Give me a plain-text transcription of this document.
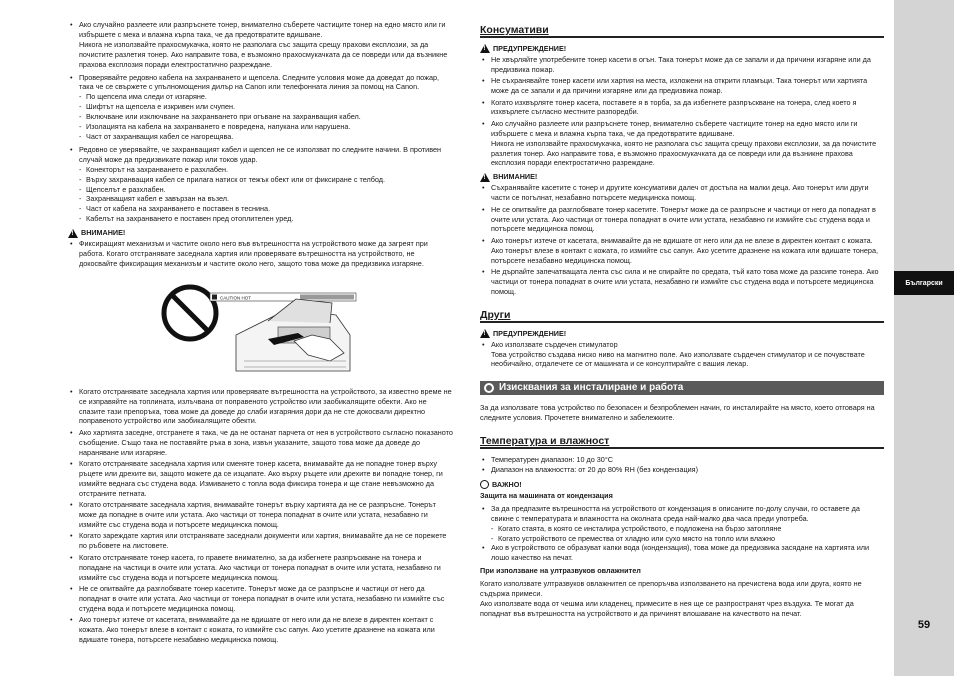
• Ако случайно разлеете или разпръснете тонер, внимателно съберете частиците тонер на едно място или ги избършете с мека и влажна кърпа така, че да предотвратите вдишване.

Никога не използвайте прахосмукачка, която не разполага със защита срещу прахови експлозии, за да почистите разлетия тонер. Ако направите това, е възможно прахосмукачката да се повреди или да възникне прахова експлозия поради електростатично разреждане.

• Проверявайте редовно кабела на захранването и щепсела. Следните условия може да доведат до пожар, така че се свържете с упълномощения дилър на Canon или телефонната линия за помощ на Canon.

- По щепсела има следи от изгаряне.

- Шифтът на щепсела е изкривен или счупен.

- Включване или изключване на захранването при огъване на захранващия кабел.

- Изолацията на кабела на захранването е повредена, напукана или нарушена.

- Част от захранващия кабел се нагорещява.

• Редовно се уверявайте, че захранващият кабел и щепсел не се използват по следните начини. В противен случай може да предизвикате пожар или токов удар.

- Конекторът на захранването е разхлабен.

- Върху захранващия кабел се прилага натиск от тежък обект или от фиксиране с телбод.

- Щепселът е разхлабен.

- Захранващият кабел е завързан на възел.

- Част от кабела на захранването е поставен в теснина.

- Кабелът на захранването е поставен пред отоплителен уред.

!
ВНИМАНИЕ!

• Фиксиращият механизъм и частите около него във вътрешността на устройството може да загреят при работа. Когато отстранявате заседнала хартия или проверявате вътрешността на устройството, не докосвайте фиксиращия механизъм и частите около него, защото това може да предизвика изгаряне.

CAUTION HOT

• Когато отстранявате заседнала хартия или проверявате вътрешността на устройството, за известно време не се изправяйте на топлината, излъчвана от поправеното устройство или заобикалящите обекти. Ако не спазите тази препоръка, това може да доведе до слаби изгаряния дори да не сте докосвали директно поправеното устройство или заобикалящите обекти.

• Ако хартията заседне, отстранете я така, че да не останат парчета от нея в устройството съгласно показаното съобщение. Също така не поставяйте ръка в зона, извън указаните, защото това може да доведе до нараняване или изгаряне.

• Когато отстранявате заседнала хартия или сменяте тонер касета, внимавайте да не попадне тонер върху ръцете или дрехите ви, защото можете да се изцапате. Ако върху ръцете или дрехите ви попадне тонер, ги измийте веднага със студена вода. Измиването с топла вода фиксира тонера и ще стане невъзможно да отстраните петната.

• Когато отстранявате заседнала хартия, внимавайте тонерът върху хартията да не се разпръсне. Тонерът може да попадне в очите или устата. Ако частици от тонера попаднат в очите или устата, незабавно ги измийте със студена вода и потърсете медицинска помощ.

• Когато зареждате хартия или отстранявате заседнали документи или хартия, внимавайте да не се порежете по ръбовете на листовете.

• Когато отстранявате тонер касета, го правете внимателно, за да избегнете разпръскване на тонера и попадане на частици в очите или устата. Ако частици от тонера попаднат в очите или устата, незабавно ги измийте със студена вода и потърсете медицинска помощ.

• Не се опитвайте да разглобявате тонер касетите. Тонерът може да се разпръсне и частици от него да попаднат в очите или устата. Ако частици от тонера попаднат в очите или устата, незабавно ги измийте със студена вода и потърсете медицинска помощ.

• Ако тонерът изтече от касетата, внимавайте да не вдишате от него или да не влезе в директен контакт с кожата. Ако тонерът влезе в контакт с кожата, го измийте със сапун. Ако усетите дразнене на кожата или вдишате тонера, потърсете незабавно медицинска помощ.

Консумативи
!
ПРЕДУПРЕЖДЕНИЕ!

• Не хвърляйте употребените тонер касети в огън. Така тонерът може да се запали и да причини изгаряне или да предизвика пожар.

• Не съхранявайте тонер касети или хартия на места, изложени на открити пламъци. Така тонерът или хартията може да се запали и да причини изгаряне или да предизвика пожар.

• Когато изхвърляте тонер касета, поставете я в торба, за да избегнете разпръскване на тонера, след което я изхвърлете съгласно местните разпоредби.

• Ако случайно разлеете или разпръснете тонер, внимателно съберете частиците тонер на едно място или ги избършете с мека и влажна кърпа така, че да предотвратите вдишване.

Никога не използвайте прахосмукачка, която не разполага със защита срещу прахови експлозии, за да почистите разлетия тонер. Ако направите това, е възможно прахосмукачката да се повреди или да възникне прахова експлозия поради електростатично разреждане.

!
ВНИМАНИЕ!

• Съхранявайте касетите с тонер и другите консумативи далеч от достъпа на малки деца. Ако тонерът или други части се погълнат, незабавно потърсете медицинска помощ.

• Не се опитвайте да разглобявате тонер касетите. Тонерът може да се разпръсне и частици от него да попаднат в очите или устата. Ако частици от тонера попаднат в очите или устата, незабавно ги измийте със студена вода и потърсете медицинска помощ.

• Ако тонерът изтече от касетата, внимавайте да не вдишате от него или да не влезе в директен контакт с кожата. Ако тонерът влезе в контакт с кожата, го измийте със сапун. Ако усетите дразнене на кожата или вдишате тонера, потърсете незабавно медицинска помощ.

• Не дърпайте запечатващата лента със сила и не спирайте по средата, тъй като това може да разсипе тонера. Ако частици от тонера попаднат в очите или устата, незабавно ги измийте със студена вода и потърсете медицинска помощ.

Други
!
ПРЕДУПРЕЖДЕНИЕ!

• Ако използвате сърдечен стимулатор

Това устройство създава ниско ниво на магнитно поле. Ако използвате сърдечен стимулатор и се почувствате необичайно, отдалечете се от машината и се консултирайте с вашия лекар.

Изисквания за инсталиране и работа

За да използвате това устройство по безопасен и безпроблемен начин, го инсталирайте на място, което отговаря на следните условия. Прочетете внимателно и забележките.

Температура и влажност

• Температурен диапазон: 10 до 30°C

• Диапазон на влажността: от 20 до 80% RH (без кондензация)

ВАЖНО!

Защита на машината от кондензация

• За да предпазите вътрешността на устройството от кондензация в описаните по-долу случаи, го оставете да свикне с температурата и влажността на околната среда най-малко два часа преди употреба.

- Когато стаята, в която се инсталира устройството, е подложена на бързо затопляне

- Когато устройството се премества от хладно или сухо място на топло или влажно

• Ако в устройството се образуват капки вода (кондензация), това може да предизвика засядане на хартията или лошо качество на печат.

При използване на ултразвуков овлажнител

Когато използвате ултразвуков овлажнител се препоръчва използването на пречистена вода или друга, която не съдържа примеси.

Ако използвате вода от чешма или кладенец, примесите в нея ще се разпространят чрез въздуха. Те могат да попаднат във вътрешността на устройството и да причинят влошаване на качеството на печат.

Български
59
